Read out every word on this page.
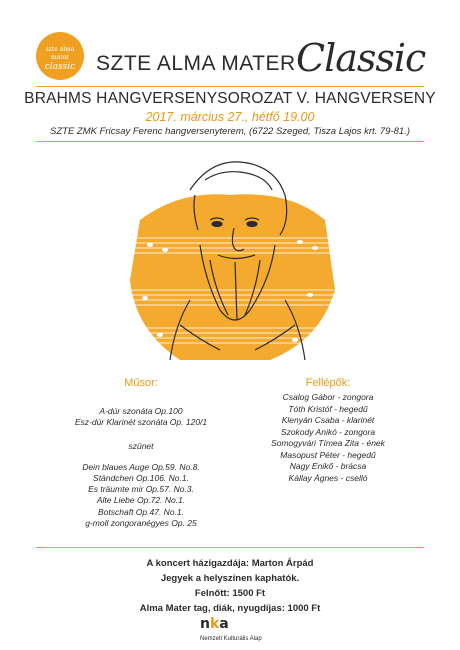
szte alma mater
classic SZTE ALMA MATER Classic
BRAHMS HANGVERSENYSOROZAT V. HANGVERSENY
2017. március 27., hétfő 19.00
SZTE ZMK Fricsay Ferenc hangversenyterem, (6722 Szeged, Tisza Lajos krt. 79-81.)
Műsor:
A-dúr szonáta Op.100
Esz-dúr Klarinét szonáta Op. 120/1
szünet
Dein blaues Auge Op.59. No.8.
Ständchen Op.106. No.1.
Es träumte mir Op.57. No.3.
Alte Liebe Op.72. No.1.
Botschaft Op.47. No.1.
g-moll zongoranégyes Op. 25
Fellépők:
Csalog Gábor - zongora
Tóth Kristóf - hegedű
Klenyán Csaba - klarinét
Szokody Anikó - zongora
Somogyvári Tímea Zita - ének
Masopust Péter - hegedű
Nagy Enikő - brácsa
Kállay Ágnes - cselló
A koncert házigazdája: Marton Árpád
Jegyek a helyszínen kaphatók.
Felnőtt: 1500 Ft
Alma Mater tag, diák, nyugdíjas: 1000 Ft
nka
Nemzeti Kulturális Alap
